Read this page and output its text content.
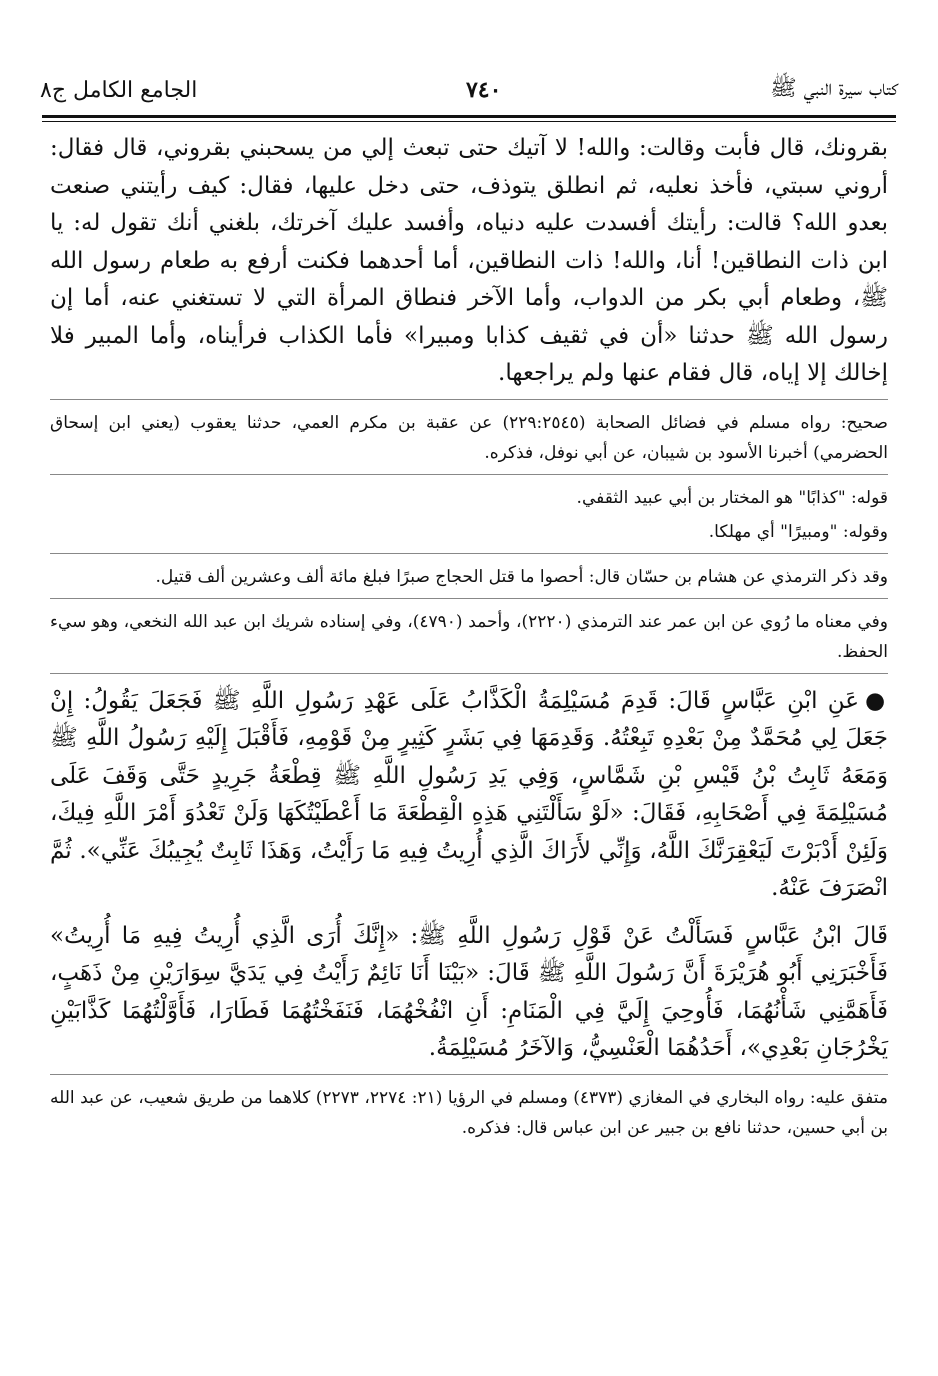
كتاب سيرة النبي ﷺ
٧٤٠
الجامع الكامل ج٨

بقرونك، قال فأبت وقالت: والله! لا آتيك حتى تبعث إلي من يسحبني بقروني، قال فقال: أروني سبتي، فأخذ نعليه، ثم انطلق يتوذف، حتى دخل عليها، فقال: كيف رأيتني صنعت بعدو الله؟ قالت: رأيتك أفسدت عليه دنياه، وأفسد عليك آخرتك، بلغني أنك تقول له: يا ابن ذات النطاقين! أنا، والله! ذات النطاقين، أما أحدهما فكنت أرفع به طعام رسول الله ﷺ، وطعام أبي بكر من الدواب، وأما الآخر فنطاق المرأة التي لا تستغني عنه، أما إن رسول الله ﷺ حدثنا «أن في ثقيف كذابا ومبيرا» فأما الكذاب فرأيناه، وأما المبير فلا إخالك إلا إياه، قال فقام عنها ولم يراجعها.

صحيح: رواه مسلم في فضائل الصحابة (٢٢٩:٢٥٤٥) عن عقبة بن مكرم العمي، حدثنا يعقوب (يعني ابن إسحاق الحضرمي) أخبرنا الأسود بن شيبان، عن أبي نوفل، فذكره.

قوله: "كذابًا" هو المختار بن أبي عبيد الثقفي.

وقوله: "ومبيرًا" أي مهلكا.

وقد ذكر الترمذي عن هشام بن حسّان قال: أحصوا ما قتل الحجاج صبرًا فبلغ مائة ألف وعشرين ألف قتيل.

وفي معناه ما رُوي عن ابن عمر عند الترمذي (٢٢٢٠)، وأحمد (٤٧٩٠)، وفي إسناده شريك ابن عبد الله النخعي، وهو سيء الحفظ.

●عَنِ ابْنِ عَبَّاسٍ قَالَ: قَدِمَ مُسَيْلِمَةُ الْكَذَّابُ عَلَى عَهْدِ رَسُولِ اللَّهِ ﷺ فَجَعَلَ يَقُولُ: إِنْ جَعَلَ لِي مُحَمَّدٌ مِنْ بَعْدِهِ تَبِعْتُهُ. وَقَدِمَهَا فِي بَشَرٍ كَثِيرٍ مِنْ قَوْمِهِ، فَأَقْبَلَ إِلَيْهِ رَسُولُ اللَّهِ ﷺ وَمَعَهُ ثَابِتُ بْنُ قَيْسِ بْنِ شَمَّاسٍ، وَفِي يَدِ رَسُولِ اللَّهِ ﷺ قِطْعَةُ جَرِيدٍ حَتَّى وَقَفَ عَلَى مُسَيْلِمَةَ فِي أَصْحَابِهِ، فَقَالَ: «لَوْ سَأَلْتَنِي هَذِهِ الْقِطْعَةَ مَا أَعْطَيْتُكَهَا وَلَنْ تَعْدُوَ أَمْرَ اللَّهِ فِيكَ، وَلَئِنْ أَدْبَرْتَ لَيَعْقِرَنَّكَ اللَّهُ، وَإِنِّي لأَرَاكَ الَّذِي أُرِيتُ فِيهِ مَا رَأَيْتُ، وَهَذَا ثَابِتٌ يُجِيبُكَ عَنِّي». ثُمَّ انْصَرَفَ عَنْهُ.

قَالَ ابْنُ عَبَّاسٍ فَسَأَلْتُ عَنْ قَوْلِ رَسُولِ اللَّهِ ﷺ: «إِنَّكَ أُرَى الَّذِي أُرِيتُ فِيهِ مَا أُرِيتُ» فَأَخْبَرَنِي أَبُو هُرَيْرَةَ أَنَّ رَسُولَ اللَّهِ ﷺ قَالَ: «بَيْنَا أَنَا نَائِمٌ رَأَيْتُ فِي يَدَيَّ سِوَارَيْنِ مِنْ ذَهَبٍ، فَأَهَمَّنِي شَأْنُهُمَا، فَأُوحِيَ إِلَيَّ فِي الْمَنَامِ: أَنِ انْفُخْهُمَا، فَنَفَخْتُهُمَا فَطَارَا، فَأَوَّلْتُهُمَا كَذَّابَيْنِ يَخْرُجَانِ بَعْدِي»، أَحَدُهُمَا الْعَنْسِيُّ، وَالآخَرُ مُسَيْلِمَةُ.

متفق عليه: رواه البخاري في المغازي (٤٣٧٣) ومسلم في الرؤيا (٢١: ٢٢٧٤، ٢٢٧٣) كلاهما من طريق شعيب، عن عبد الله بن أبي حسين، حدثنا نافع بن جبير عن ابن عباس قال: فذكره.
